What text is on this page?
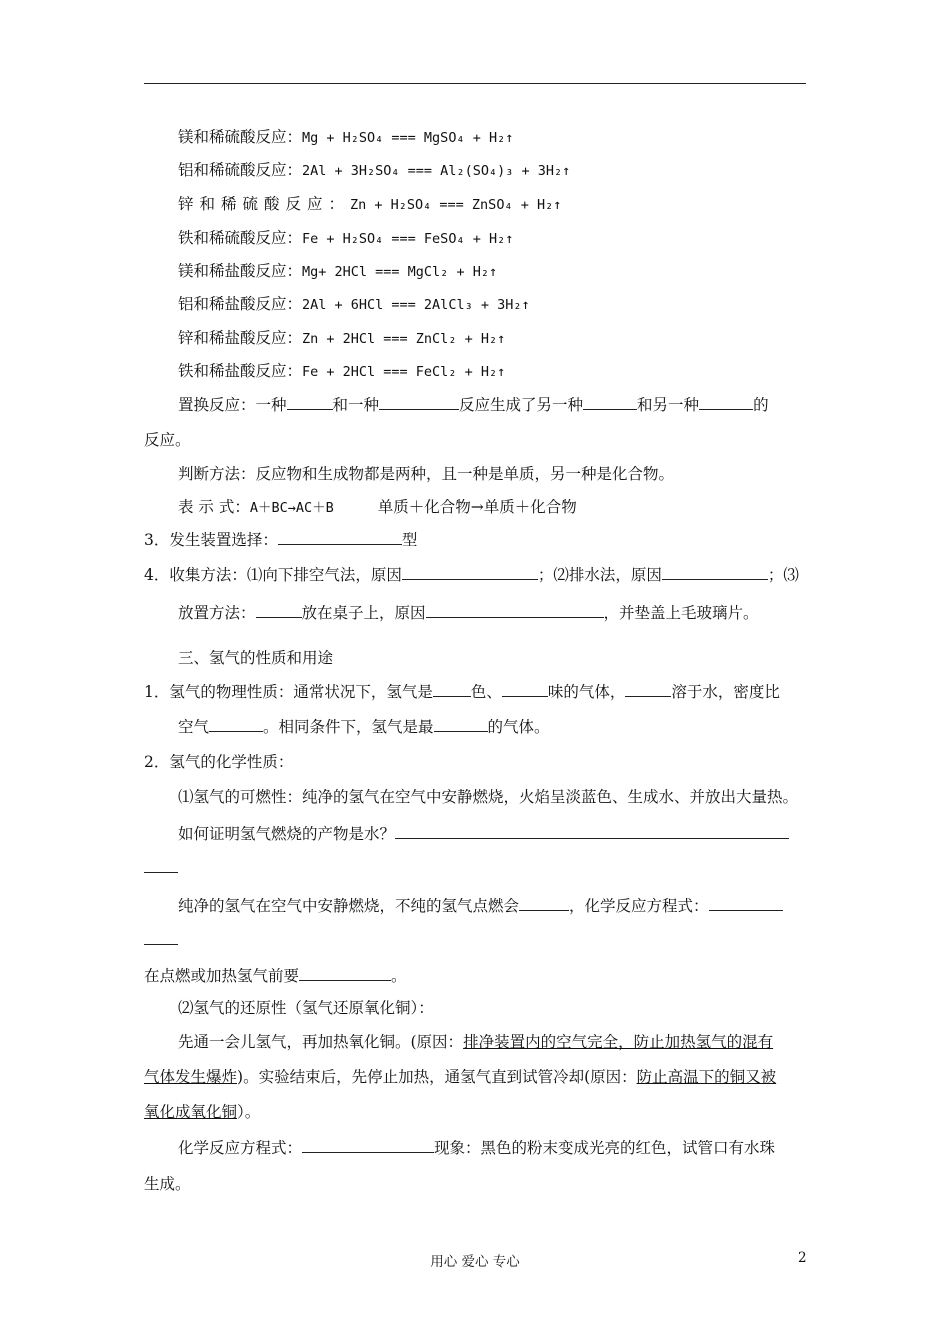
镁和稀硫酸反应：Mg + H₂SO₄ === MgSO₄ + H₂↑
铝和稀硫酸反应：2Al + 3H₂SO₄ === Al₂(SO₄)₃ + 3H₂↑
锌和稀硫酸反应：Zn + H₂SO₄ === ZnSO₄ + H₂↑
铁和稀硫酸反应：Fe + H₂SO₄ === FeSO₄ + H₂↑
镁和稀盐酸反应：Mg+ 2HCl === MgCl₂ + H₂↑
铝和稀盐酸反应：2Al + 6HCl === 2AlCl₃ + 3H₂↑
锌和稀盐酸反应：Zn + 2HCl === ZnCl₂ + H₂↑
铁和稀盐酸反应：Fe + 2HCl === FeCl₂ + H₂↑
置换反应：一种	和一种	反应生成了另一种	和另一种	的
反应。
判断方法：反应物和生成物都是两种，且一种是单质，另一种是化合物。
表 示 式：A＋BC→AC＋B	单质＋化合物→单质＋化合物
3．发生装置选择：	型
4．收集方法：⑴向下排空气法，原因	；⑵排水法，原因	；⑶
放置方法：	放在桌子上，原因	，并垫盖上毛玻璃片。
三、氢气的性质和用途
1．氢气的物理性质：通常状况下，氢气是 色、	味的气体，	溶于水，密度比
空气	。相同条件下，氢气是最	的气体。
2．氢气的化学性质：
⑴氢气的可燃性：纯净的氢气在空气中安静燃烧，火焰呈淡蓝色、生成水、并放出大量热。
如何证明氢气燃烧的产物是水？
纯净的氢气在空气中安静燃烧，不纯的氢气点燃会	，化学反应方程式：
在点燃或加热氢气前要	。
⑵氢气的还原性（氢气还原氧化铜）：
先通一会儿氢气，再加热氧化铜。(原因：排净装置内的空气完全，防止加热氢气的混有
气体发生爆炸)。实验结束后，先停止加热，通氢气直到试管冷却(原因：防止高温下的铜又被
氧化成氧化铜）。
化学反应方程式：	现象：黑色的粉末变成光亮的红色，试管口有水珠
生成。
用心 爱心 专心	2
